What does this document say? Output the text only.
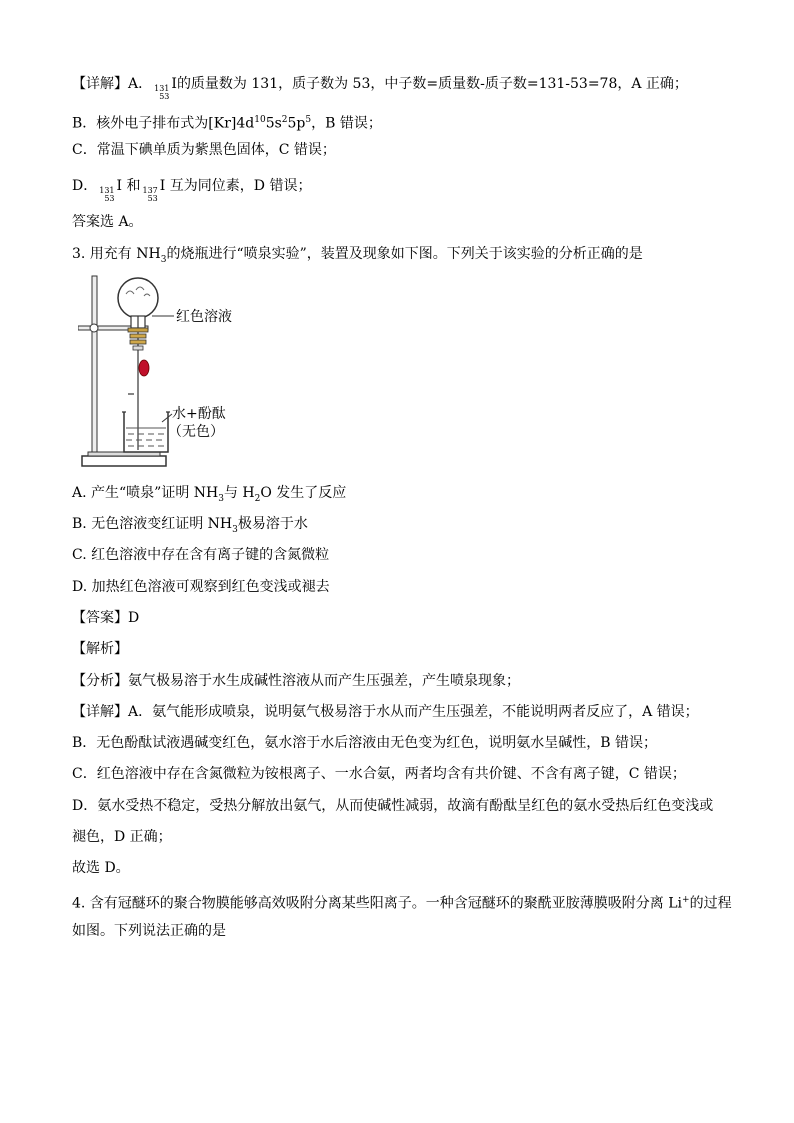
【详解】A． 131
53
I的质量数为 131，质子数为 53，中子数=质量数-质子数=131-53=78，A 正确；
B．核外电子排布式为$[Kr]4d^{10}5s^25p^5$，B 错误；
C．常温下碘单质为紫黑色固体，C 错误；
D． 131
53
I 和 137
53
I 互为同位素，D 错误；
答案选 A。
3. 用充有 $NH_3$的烧瓶进行“喷泉实验”，装置及现象如下图。下列关于该实验的分析正确的是
红色溶液
水+酚酞
（无色）
A. 产生“喷泉”证明 $NH_3$与 $H_2O$ 发生了反应
B. 无色溶液变红证明 $NH_3$极易溶于水
C. 红色溶液中存在含有离子键的含氮微粒
D. 加热红色溶液可观察到红色变浅或褪去
【答案】D
【解析】
【分析】氨气极易溶于水生成碱性溶液从而产生压强差，产生喷泉现象；
【详解】A．氨气能形成喷泉，说明氨气极易溶于水从而产生压强差，不能说明两者反应了，A 错误；
B．无色酚酞试液遇碱变红色，氨水溶于水后溶液由无色变为红色，说明氨水呈碱性，B 错误；
C．红色溶液中存在含氮微粒为铵根离子、一水合氨，两者均含有共价键、不含有离子键，C 错误；
D．氨水受热不稳定，受热分解放出氨气，从而使碱性减弱，故滴有酚酞呈红色的氨水受热后红色变浅或
褪色，D 正确；
故选 D。
4. 含有冠醚环的聚合物膜能够高效吸附分离某些阳离子。一种含冠醚环的聚酰亚胺薄膜吸附分离 Li+的过程
如图。下列说法正确的是
